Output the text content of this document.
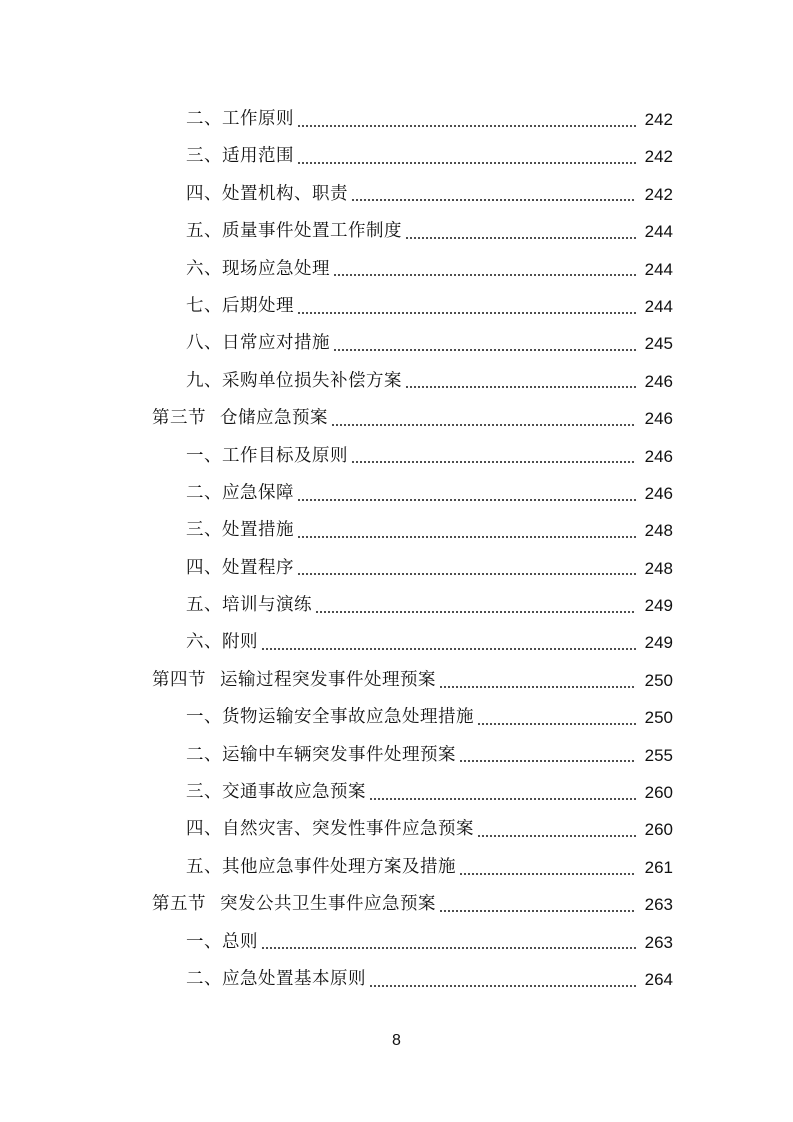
二、工作原则	242
三、适用范围	242
四、处置机构、职责	242
五、质量事件处置工作制度	244
六、现场应急处理	244
七、后期处理	244
八、日常应对措施	245
九、采购单位损失补偿方案	246
第三节 仓储应急预案	246
一、工作目标及原则	246
二、应急保障	246
三、处置措施	248
四、处置程序	248
五、培训与演练	249
六、附则	249
第四节 运输过程突发事件处理预案	250
一、货物运输安全事故应急处理措施	250
二、运输中车辆突发事件处理预案	255
三、交通事故应急预案	260
四、自然灾害、突发性事件应急预案	260
五、其他应急事件处理方案及措施	261
第五节 突发公共卫生事件应急预案	263
一、总则	263
二、应急处置基本原则	264
8
